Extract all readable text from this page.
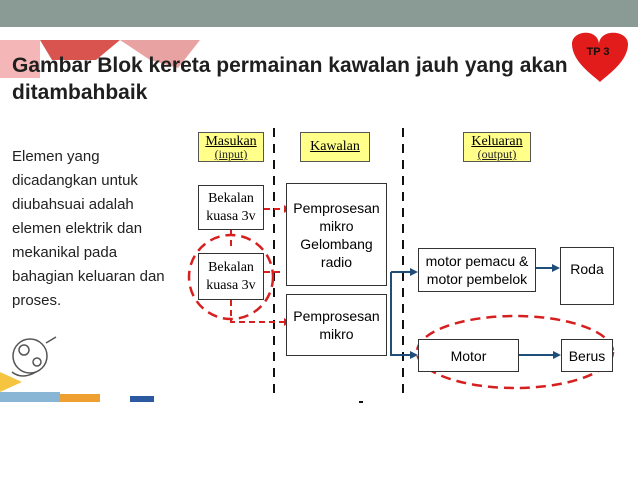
TP 3
Gambar Blok kereta permainan kawalan jauh yang akan
ditambahbaik
Elemen yang
dicadangkan untuk
diubahsuai adalah
elemen elektrik dan
mekanikal pada
bahagian keluaran dan
proses.
Masukan
(input)	Kawalan	Keluaran
(output)
Bekalan
kuasa 3v
Bekalan
kuasa 3v
Pemprosesan
mikro
Gelombang
radio
Pemprosesan
mikro
motor pemacu &
motor pembelok
Roda
Motor	Berus
